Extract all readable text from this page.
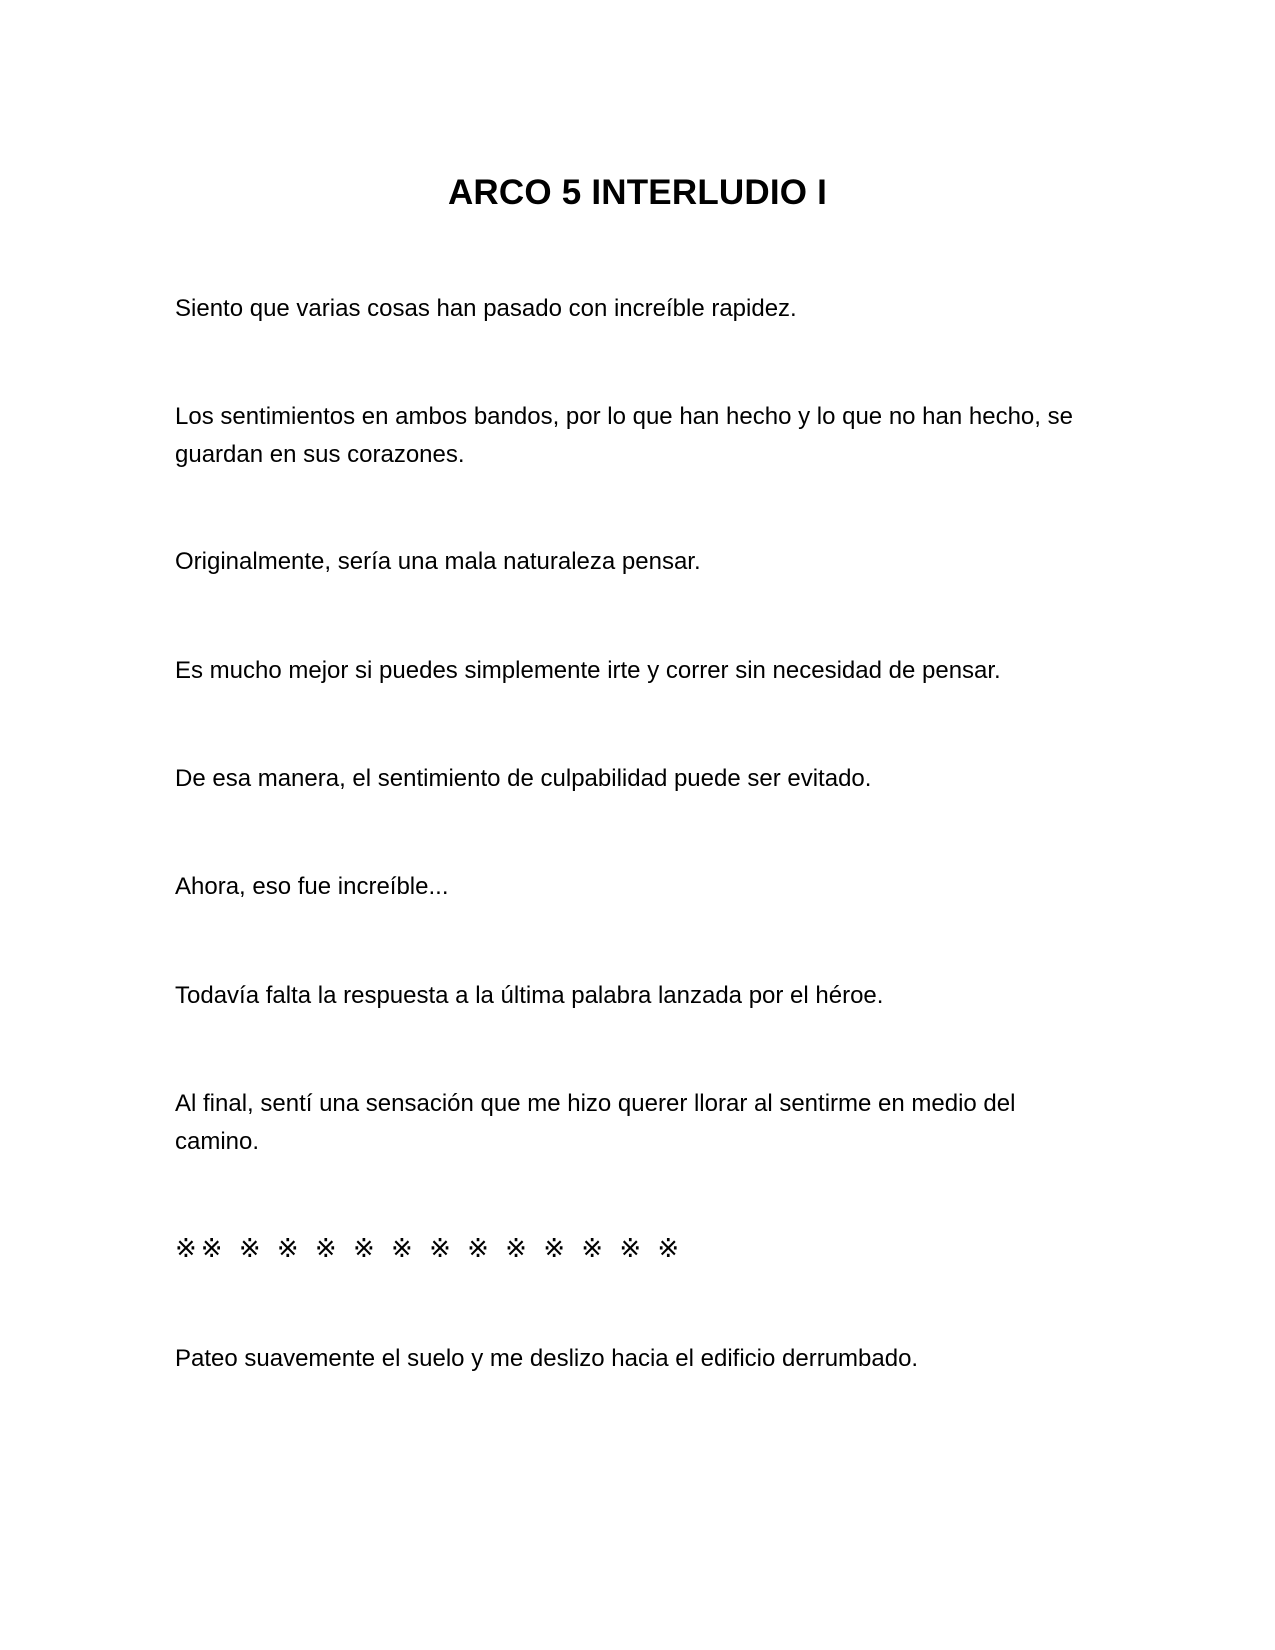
ARCO 5 INTERLUDIO I

Siento que varias cosas han pasado con increíble rapidez.

Los sentimientos en ambos bandos, por lo que han hecho y lo que no han hecho, se guardan en sus corazones.

Originalmente, sería una mala naturaleza pensar.

Es mucho mejor si puedes simplemente irte y correr sin necesidad de pensar.

De esa manera, el sentimiento de culpabilidad puede ser evitado.

Ahora, eso fue increíble...

Todavía falta la respuesta a la última palabra lanzada por el héroe.

Al final, sentí una sensación que me hizo querer llorar al sentirme en medio del camino.

※※ ※ ※ ※ ※ ※ ※ ※ ※ ※ ※ ※ ※

Pateo suavemente el suelo y me deslizo hacia el edificio derrumbado.
